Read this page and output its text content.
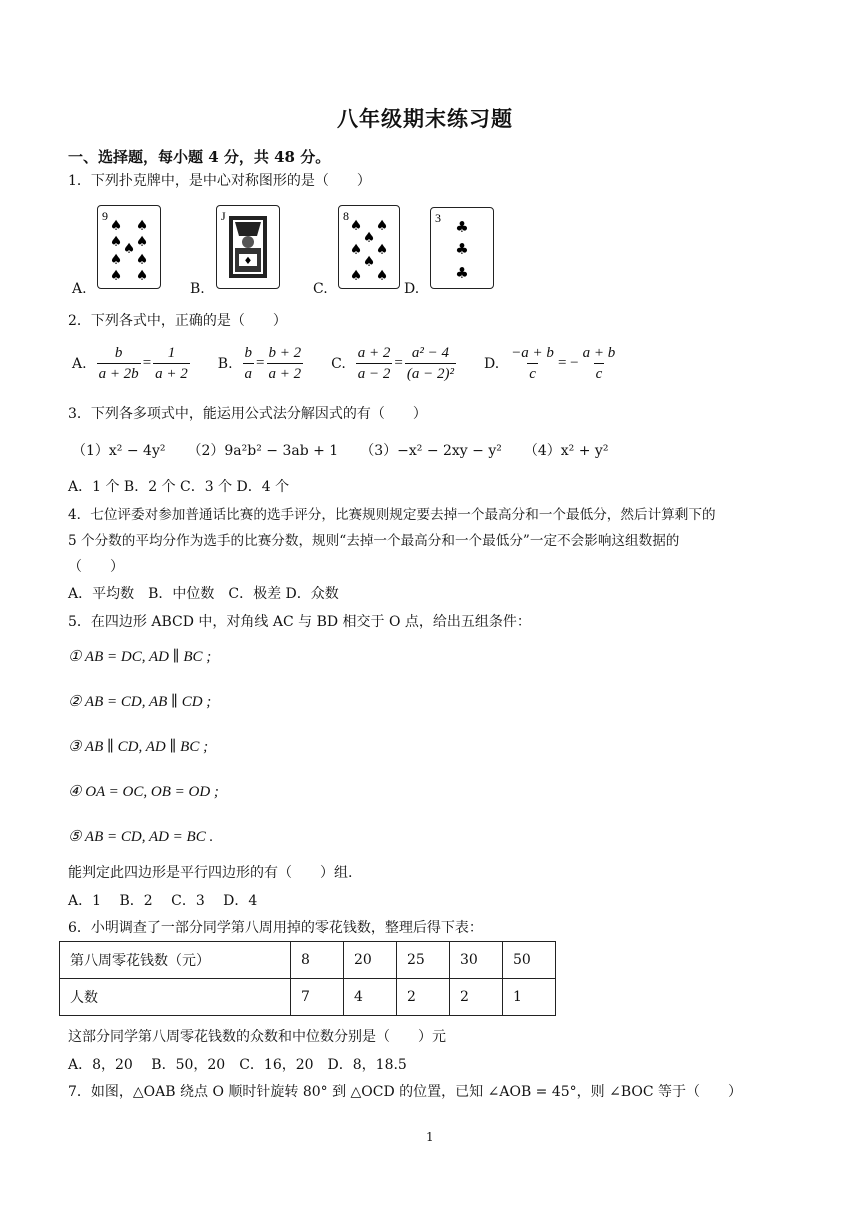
八年级期末练习题
一、选择题，每小题 4 分，共 48 分。
1．下列扑克牌中，是中心对称图形的是（　　）
A.
9
♠ ♠
♠ ♠
♠
♠ ♠
♠ ♠
B.
J
♦
C.
8
♠ ♠
♠
♠ ♠
♠
♠ ♠
D.
3 ♣
♣
♣
2．下列各式中，正确的是（　　）
A. $\frac{b}{a + 2b} = \frac{1}{a + 2} B$. $\frac{b}{a} = \frac{b + 2}{a + 2} C$. $\frac{a + 2}{a - 2} = \frac{\text{a² − 4}}{\text{(a − 2)²}} D$. $\frac{-a + b}{c}$ = − $\frac{a + b}{c}$
3．下列各多项式中，能运用公式法分解因式的有（　　）
（1）x² − 4y² （2）9a²b² − 3ab + 1 （3）−x² − 2xy − y² （4）x² + y²
A．1 个 B．2 个 C．3 个 D．4 个
4．七位评委对参加普通话比赛的选手评分，比赛规则规定要去掉一个最高分和一个最低分，然后计算剩下的
5 个分数的平均分作为选手的比赛分数，规则“去掉一个最高分和一个最低分”一定不会影响这组数据的
（　　）
A．平均数　B．中位数　C．极差 D．众数
5．在四边形 ABCD 中，对角线 AC 与 BD 相交于 O 点，给出五组条件：
① AB = DC, AD ∥ BC ;
② AB = CD, AB ∥ CD ;
③ AB ∥ CD, AD ∥ BC ;
④ OA = OC, OB = OD ;
⑤ AB = CD, AD = BC .
能判定此四边形是平行四边形的有（　　）组.
A．1　 B．2　 C．3　 D．4
6．小明调查了一部分同学第八周用掉的零花钱数，整理后得下表：
第八周零花钱数（元）	8	20	25	30	50
人数	7	4	2	2	1
这部分同学第八周零花钱数的众数和中位数分别是（　　）元
A．8，20　 B．50，20　C．16，20　D．8，18.5
7．如图，△OAB 绕点 O 顺时针旋转 80° 到 △OCD 的位置，已知 ∠AOB = 45°，则 ∠BOC 等于（　　）
1
